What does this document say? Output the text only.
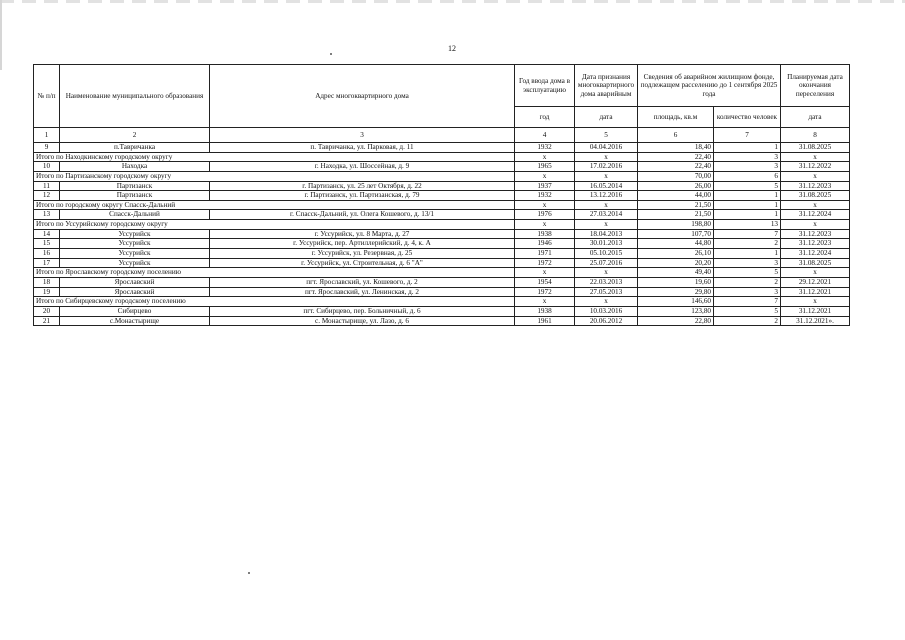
12
№ п/п	Наименование муниципального образования	Адрес многоквартирного дома	Год ввода дома в эксплуатацию	Дата признания многоквартирного дома аварийным	Сведения об аварийном жилищном фонде, подлежащем расселению до 1 сентября 2025 года		Планируемая дата окончания переселения
			год	дата	площадь, кв.м	количество человек	дата
1	2	3	4	5	6	7	8
9	п.Тавричанка	п. Тавричанка, ул. Парковая, д. 11	1932	04.04.2016	18,40	1	31.08.2025
Итого по Находкинскому городскому округу			х	х	22,40	3	х
10	Находка	г. Находка, ул. Шоссейная, д. 9	1965	17.02.2016	22,40	3	31.12.2022
Итого по Партизанскому городскому округу			х	х	70,00	6	х
11	Партизанск	г. Партизанск, ул. 25 лет Октября, д. 22	1937	16.05.2014	26,00	5	31.12.2023
12	Партизанск	г. Партизанск, ул. Партизанская, д. 79	1932	13.12.2016	44,00	1	31.08.2025
Итого по городскому округу Спасск-Дальний			х	х	21,50	1	х
13	Спасск-Дальний	г. Спасск-Дальний, ул. Олега Кошевого, д. 13/1	1976	27.03.2014	21,50	1	31.12.2024
Итого по Уссурийскому городскому округу			х	х	198,80	13	х
14	Уссурийск	г. Уссурийск, ул. 8 Марта, д. 27	1938	18.04.2013	107,70	7	31.12.2023
15	Уссурийск	г. Уссурийск, пер. Артиллерийский, д. 4, к. А	1946	30.01.2013	44,80	2	31.12.2023
16	Уссурийск	г. Уссурийск, ул. Резервная, д. 25	1971	05.10.2015	26,10	1	31.12.2024
17	Уссурийск	г. Уссурийск, ул. Строительная, д. 6 "А"	1972	25.07.2016	20,20	3	31.08.2025
Итого по Ярославскому городскому поселению			х	х	49,40	5	х
18	Ярославский	пгт. Ярославский, ул. Кошевого, д. 2	1954	22.03.2013	19,60	2	29.12.2021
19	Ярославский	пгт. Ярославский, ул. Ленинская, д. 2	1972	27.05.2013	29,80	3	31.12.2021
Итого по Сибирцевскому городскому поселению			х	х	146,60	7	х
20	Сибирцево	пгт. Сибирцево, пер. Больничный, д. 6	1938	10.03.2016	123,80	5	31.12.2021
21	с.Монастырище	с. Монастырище, ул. Лазо, д. 6	1961	20.06.2012	22,80	2	31.12.2021».
